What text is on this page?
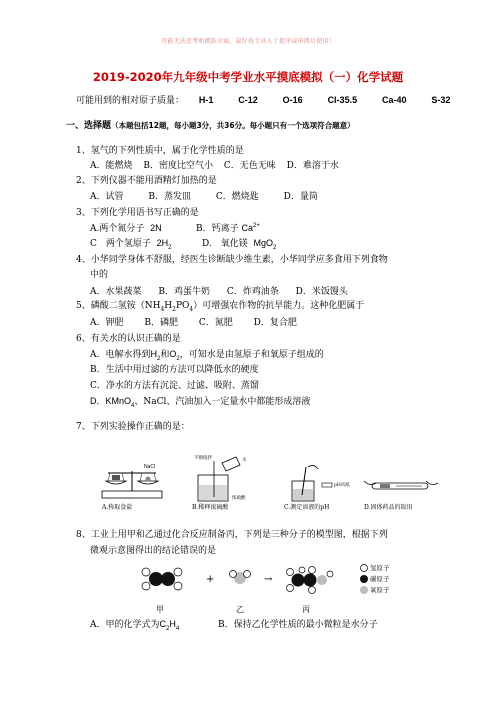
可能无法思考和跳跃全面，最好找专业人士提审或审阅后使用！
2019-2020年九年级中考学业水平摸底模拟（一）化学试题
可能用到的相对原子质量： H-1	C-12	O-16	Cl-35.5	Ca-40	S-32
一、选择题（本题包括12题，每小题3分，共36分。每小题只有一个选项符合题意）
1、氢气的下列性质中，属于化学性质的是
A．能燃烧 B．密度比空气小 C．无色无味 D．难溶于水
2、下列仪器不能用酒精灯加热的是
A．试管	B．蒸发皿	C．燃烧匙	D．量筒
3、下列化学用语书写正确的是
A.两个氮分子 2N	B．钙离子 $Ca^{2+}$
C　两个氢原子 $2H_2$	D.　氧化镁 MgO$_2$
4、小华同学身体不舒服，经医生诊断缺少维生素，小华同学应多食用下列食物
中的
A．水果蔬菜 B．鸡蛋牛奶 C．炸鸡油条 D．米饭馒头
5、磷酸二氢铵$(NH_4H_2PO_4)$可增强农作物的抗旱能力。这种化肥属于
A．钾肥 B．磷肥 C．氮肥 D．复合肥
6、有关水的认识正确的是
A．电解水得到$H_2$和$O_2$，可知水是由氢原子和氧原子组成的
B．生活中用过滤的方法可以降低水的硬度
C．净水的方法有沉淀、过滤、吸附、蒸馏
D．KMnO$_4$、NaCl、汽油加入一定量水中都能形成溶液
7、下列实验操作正确的是：
NaCl
A.称取食盐
不断搅拌	水
浓硫酸
B.稀释浓硫酸
pH试纸
C.测定溶液的pH	D.固体药品的取用
8、工业上用甲和乙通过化合反应制备丙，下列是三种分子的模型图，根据下列
微观示意图得出的结论错误的是
甲
+
乙
→
丙
氢原子
碳原子
氧原子
A．甲的化学式为$C_2H_4$	B．保持乙化学性质的最小微粒是水分子
